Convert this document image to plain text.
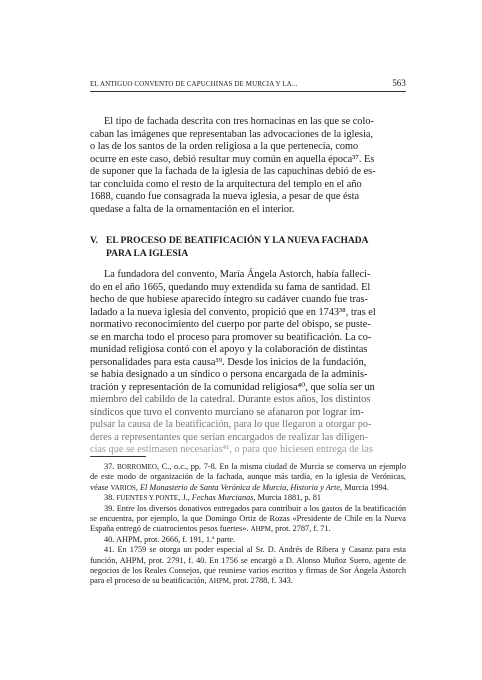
EL ANTIGUO CONVENTO DE CAPUCHINAS DE MURCIA Y LA...	563
El tipo de fachada descrita con tres hornacinas en las que se colo-
caban las imágenes que representaban las advocaciones de la iglesia,
o las de los santos de la orden religiosa a la que pertenecía, como
ocurre en este caso, debió resultar muy común en aquella época³⁷. Es
de suponer que la fachada de la iglesia de las capuchinas debió de es-
tar concluida como el resto de la arquitectura del templo en el año
1688, cuando fue consagrada la nueva iglesia, a pesar de que ésta
quedase a falta de la ornamentación en el interior.
V. EL PROCESO DE BEATIFICACIÓN Y LA NUEVA FACHADA
PARA LA IGLESIA
La fundadora del convento, María Ángela Astorch, había falleci-
do en el año 1665, quedando muy extendida su fama de santidad. El
hecho de que hubiese aparecido íntegro su cadáver cuando fue tras-
ladado a la nueva iglesia del convento, propició que en 1743³⁸, tras el
normativo reconocimiento del cuerpo por parte del obispo, se puste-
se en marcha todo el proceso para promover su beatificación. La co-
munidad religiosa contó con el apoyo y la colaboración de distintas
personalidades para esta causa³⁹. Desde los inicios de la fundación,
se había designado a un síndico o persona encargada de la adminis-
tración y representación de la comunidad religiosa⁴⁰, que solía ser un
miembro del cabildo de la catedral. Durante estos años, los distintos
síndicos que tuvo el convento murciano se afanaron por lograr im-
pulsar la causa de la beatificación, para lo que llegaron a otorgar po-
deres a representantes que serían encargados de realizar las diligen-
cias que se estimasen necesarias⁴¹, o para que hiciesen entrega de las

37. BORROMEO, C., o.c., pp. 7-8. En la misma ciudad de Murcia se conserva un ejemplo de este modo de organización de la fachada, aunque más tardía, en la iglesia de Verónicas, véase VARIOS, El Monasterio de Santa Verónica de Murcia, Historia y Arte, Murcia 1994.

38. FUENTES Y PONTE, J., Fechas Murcianas, Murcia 1881, p. 81

39. Entre los diversos donativos entregados para contribuir a los gastos de la beatificación se encuentra, por ejemplo, la que Domingo Ortiz de Rozas «Presidente de Chile en la Nueva España entregó de cuatrocientos pesos fuertes». AHPM, prot. 2787, f. 71.

40. AHPM, prot. 2666, f. 191, 1.ª parte.

41. En 1759 se otorga un poder especial al Sr. D. Andrés de Ribera y Casanz para esta función, AHPM, prot. 2791, f. 40. En 1756 se encargó a D. Alonso Muñoz Suero, agente de negocios de los Reales Consejos, que reuniese varios escritos y firmas de Sor Ángela Astorch para el proceso de su beatificación, AHPM, prot. 2788, f. 343.
